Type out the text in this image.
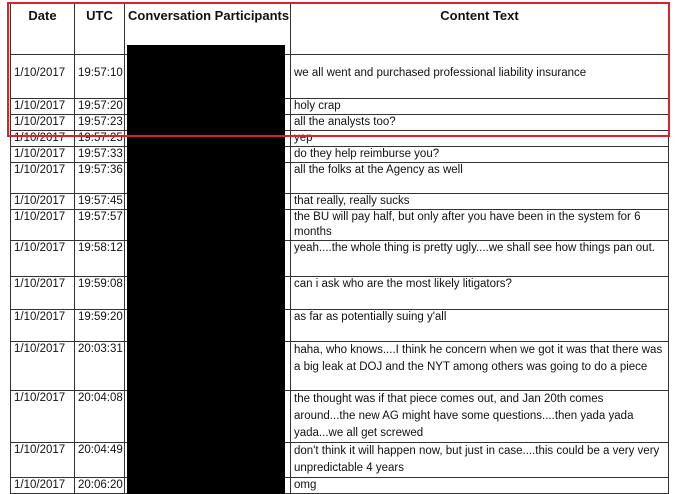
Date	UTC	Conversation Participants	Content Text
1/10/2017	19:57:10		we all went and purchased professional liability insurance
1/10/2017	19:57:20		holy crap
1/10/2017	19:57:23		all the analysts too?
1/10/2017	19:57:25		yep
1/10/2017	19:57:33		do they help reimburse you?
1/10/2017	19:57:36		all the folks at the Agency as well
1/10/2017	19:57:45		that really, really sucks
1/10/2017	19:57:57		the BU will pay half, but only after you have been in the system for 6 months
1/10/2017	19:58:12		yeah....the whole thing is pretty ugly....we shall see how things pan out.
1/10/2017	19:59:08		can i ask who are the most likely litigators?
1/10/2017	19:59:20		as far as potentially suing y'all
1/10/2017	20:03:31		haha, who knows....I think he concern when we got it was that there was a big leak at DOJ and the NYT among others was going to do a piece
1/10/2017	20:04:08		the thought was if that piece comes out, and Jan 20th comes around...the new AG might have some questions....then yada yada yada...we all get screwed
1/10/2017	20:04:49		don't think it will happen now, but just in case....this could be a very very unpredictable 4 years
1/10/2017	20:06:20		omg
